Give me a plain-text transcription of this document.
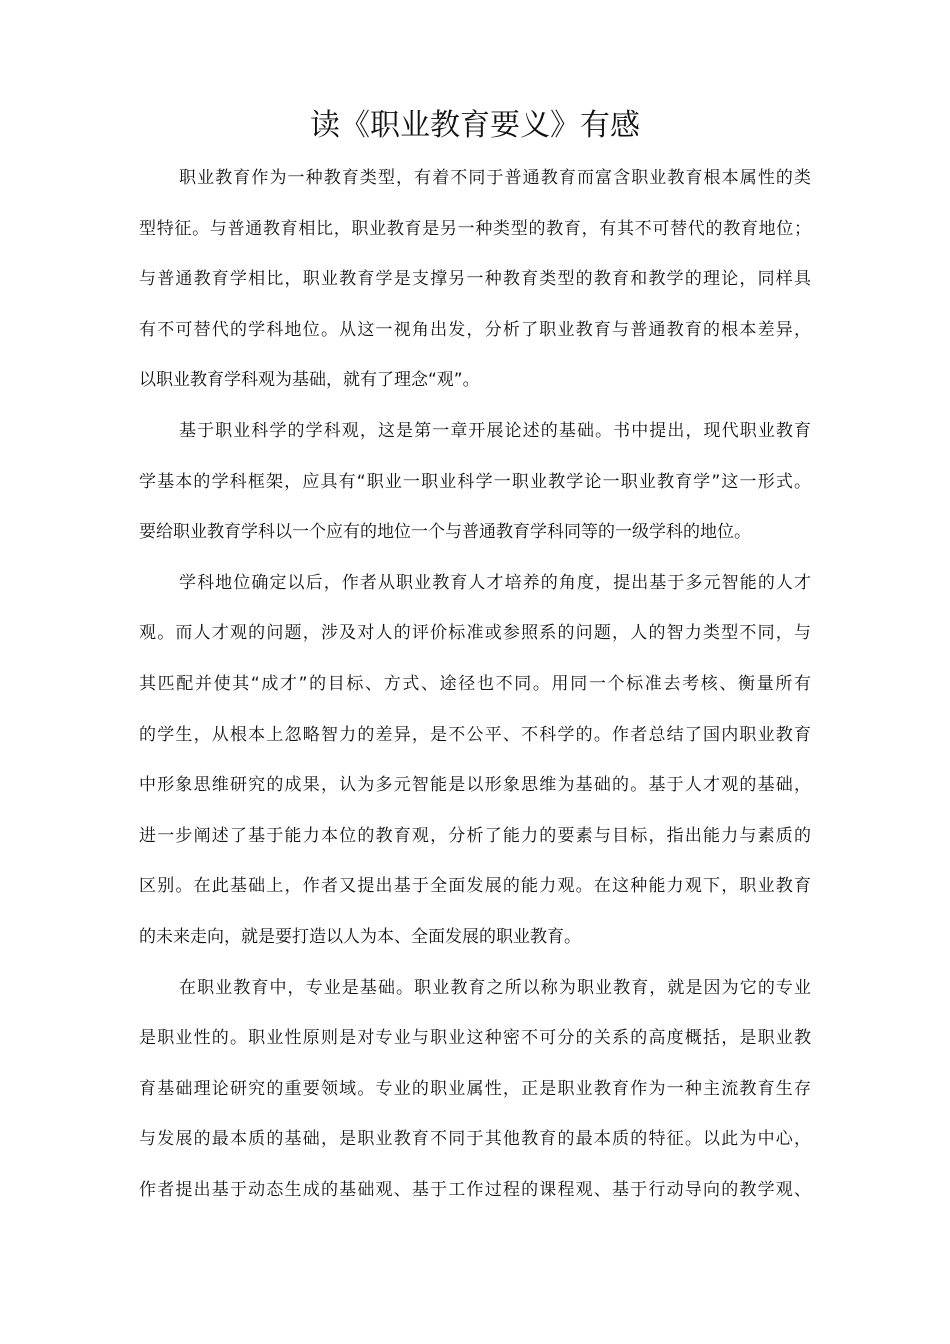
读《职业教育要义》有感
职业教育作为一种教育类型，有着不同于普通教育而富含职业教育根本属性的类
型特征。与普通教育相比，职业教育是另一种类型的教育，有其不可替代的教育地位；
与普通教育学相比，职业教育学是支撑另一种教育类型的教育和教学的理论，同样具
有不可替代的学科地位。从这一视角出发，分析了职业教育与普通教育的根本差异，
以职业教育学科观为基础，就有了理念“观”。
基于职业科学的学科观，这是第一章开展论述的基础。书中提出，现代职业教育
学基本的学科框架，应具有“职业一职业科学一职业教学论一职业教育学”这一形式。
要给职业教育学科以一个应有的地位一个与普通教育学科同等的一级学科的地位。
学科地位确定以后，作者从职业教育人才培养的角度，提出基于多元智能的人才
观。而人才观的问题，涉及对人的评价标准或参照系的问题，人的智力类型不同，与
其匹配并使其“成才”的目标、方式、途径也不同。用同一个标准去考核、衡量所有
的学生，从根本上忽略智力的差异，是不公平、不科学的。作者总结了国内职业教育
中形象思维研究的成果，认为多元智能是以形象思维为基础的。基于人才观的基础，
进一步阐述了基于能力本位的教育观，分析了能力的要素与目标，指出能力与素质的
区别。在此基础上，作者又提出基于全面发展的能力观。在这种能力观下，职业教育
的未来走向，就是要打造以人为本、全面发展的职业教育。
在职业教育中，专业是基础。职业教育之所以称为职业教育，就是因为它的专业
是职业性的。职业性原则是对专业与职业这种密不可分的关系的高度概括，是职业教
育基础理论研究的重要领域。专业的职业属性，正是职业教育作为一种主流教育生存
与发展的最本质的基础，是职业教育不同于其他教育的最本质的特征。以此为中心，
作者提出基于动态生成的基础观、基于工作过程的课程观、基于行动导向的教学观、
